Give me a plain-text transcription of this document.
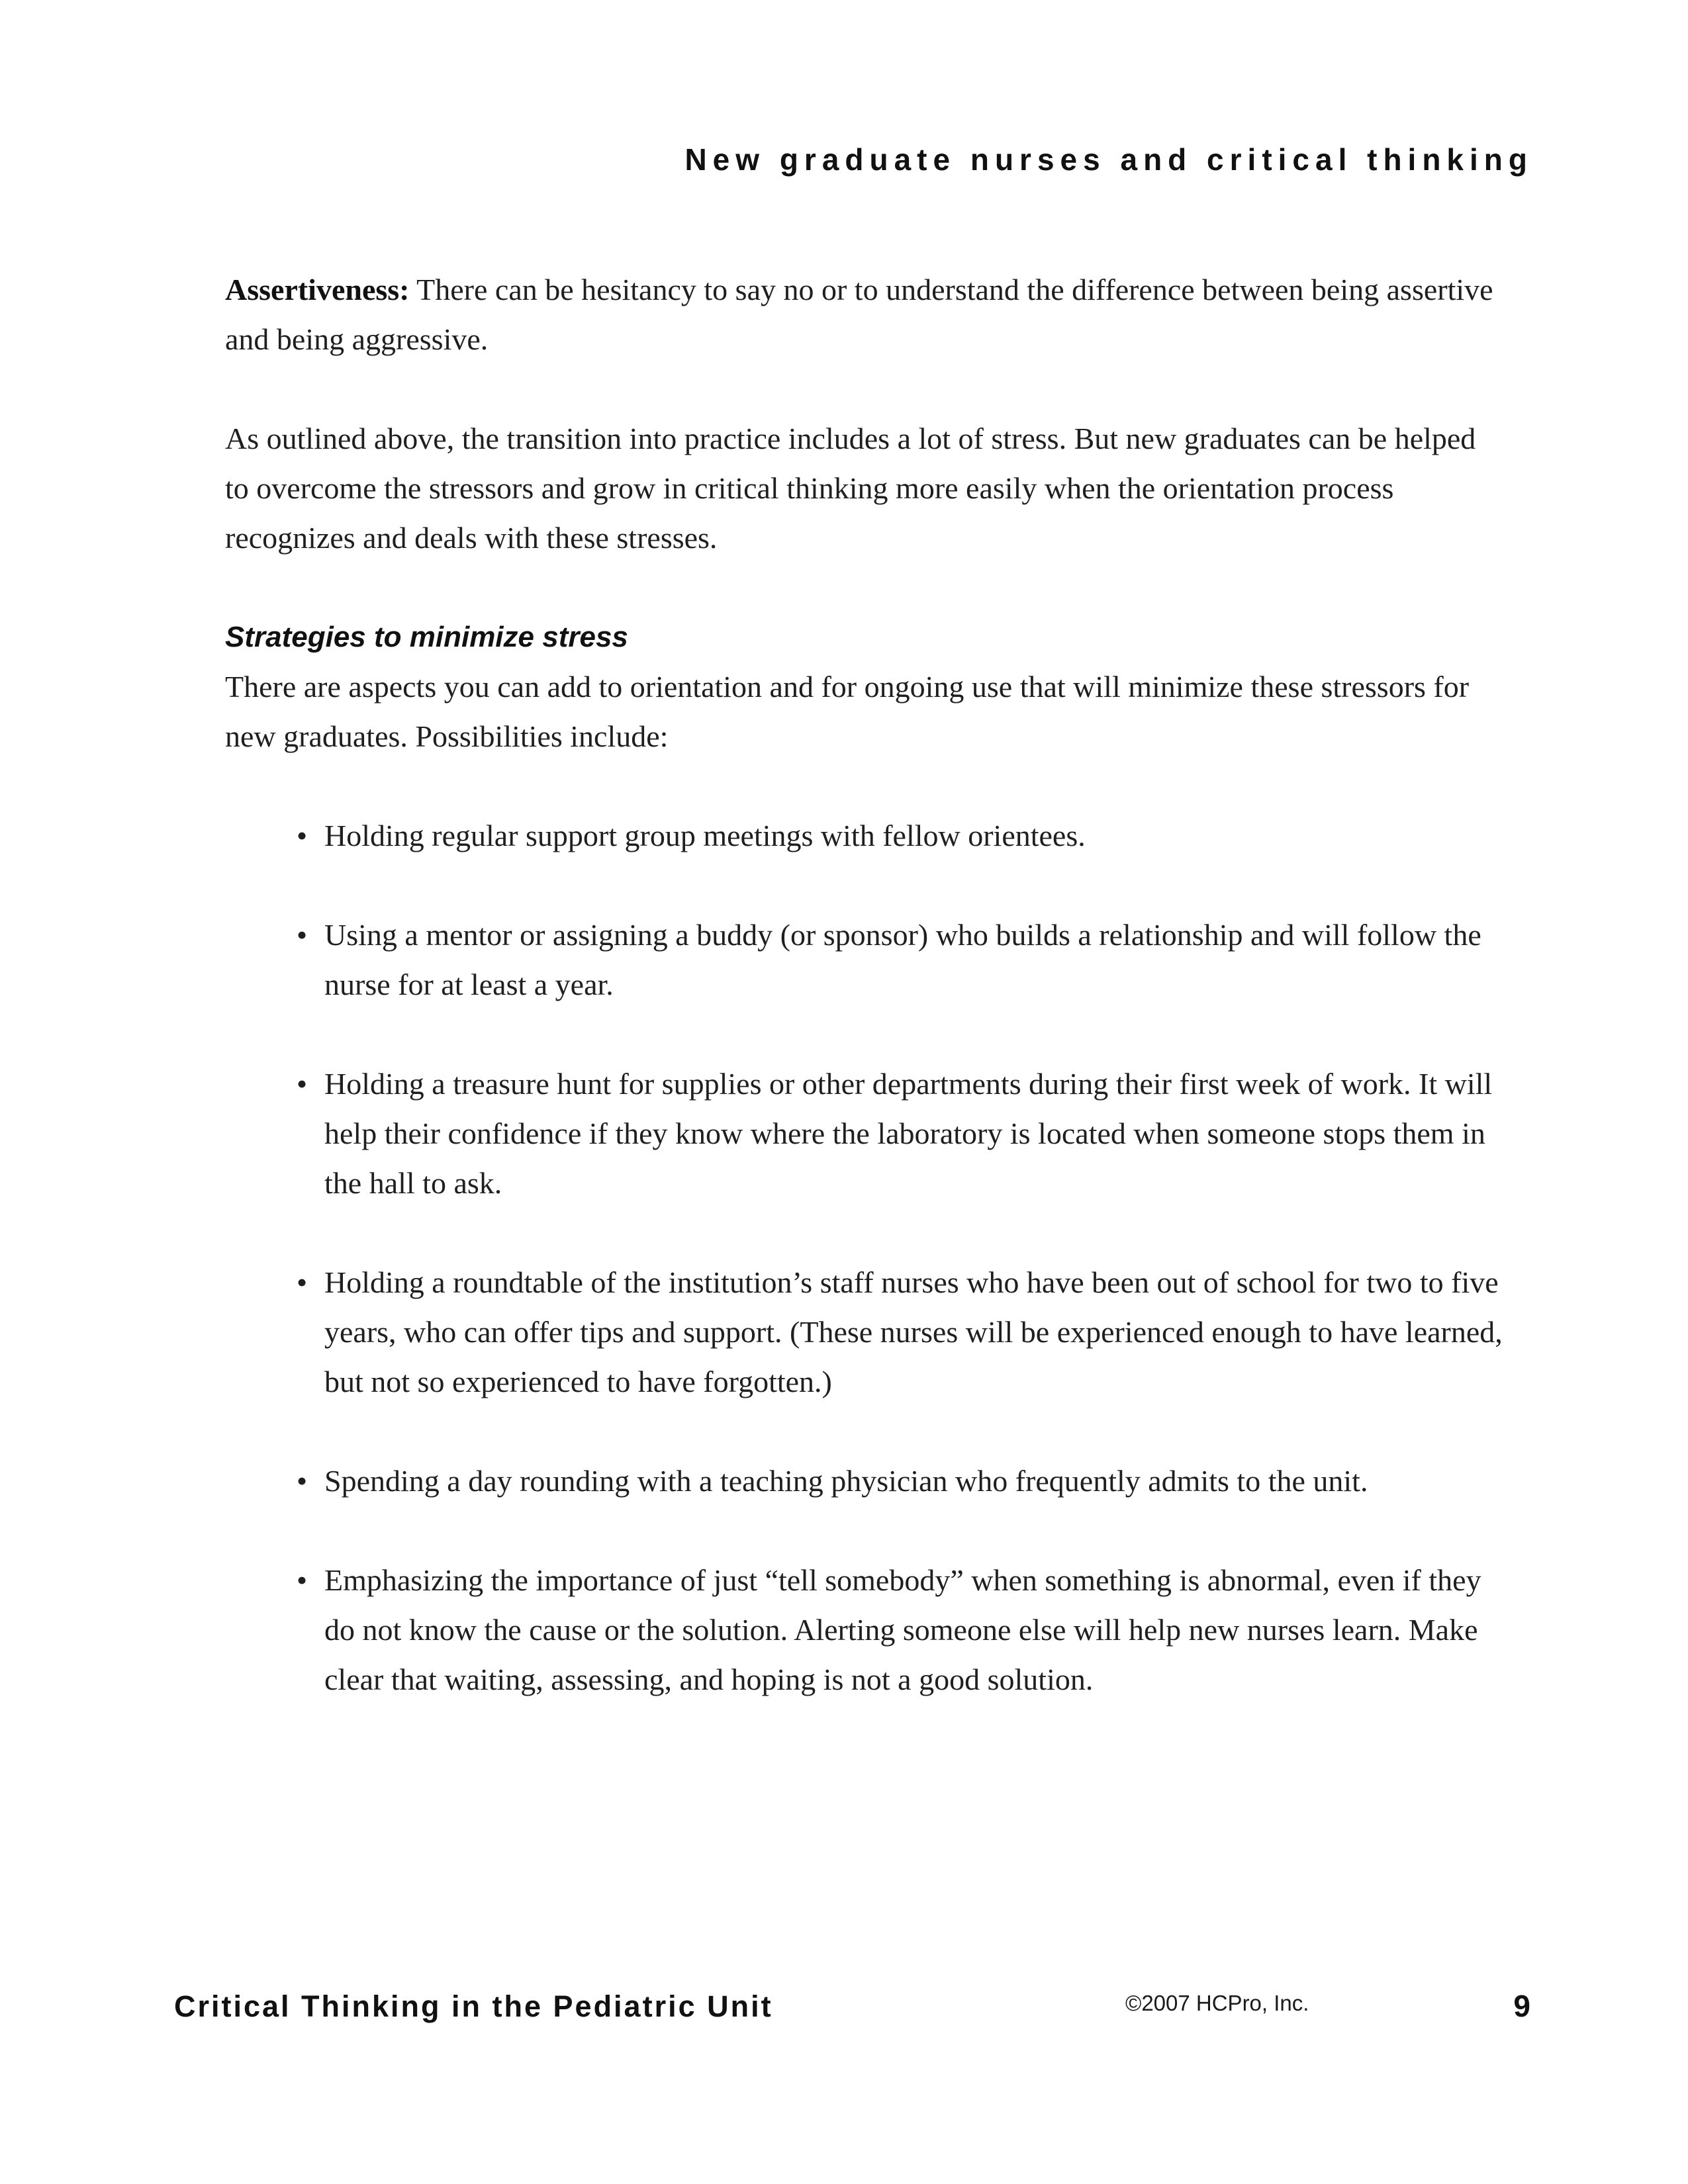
New graduate nurses and critical thinking

Assertiveness: There can be hesitancy to say no or to understand the difference between being assertive and being aggressive.

As outlined above, the transition into practice includes a lot of stress. But new graduates can be helped to overcome the stressors and grow in critical thinking more easily when the orientation process recognizes and deals with these stresses.

Strategies to minimize stress

There are aspects you can add to orientation and for ongoing use that will minimize these stressors for new graduates. Possibilities include:

• Holding regular support group meetings with fellow orientees.
• Using a mentor or assigning a buddy (or sponsor) who builds a relationship and will follow the nurse for at least a year.
• Holding a treasure hunt for supplies or other departments during their first week of work. It will help their confidence if they know where the laboratory is located when someone stops them in the hall to ask.
• Holding a roundtable of the institution’s staff nurses who have been out of school for two to five years, who can offer tips and support. (These nurses will be experienced enough to have learned, but not so experienced to have forgotten.)
• Spending a day rounding with a teaching physician who frequently admits to the unit.
• Emphasizing the importance of just “tell somebody” when something is abnormal, even if they do not know the cause or the solution. Alerting someone else will help new nurses learn. Make clear that waiting, assessing, and hoping is not a good solution.
Critical Thinking in the Pediatric Unit	©2007 HCPro, Inc.	9
